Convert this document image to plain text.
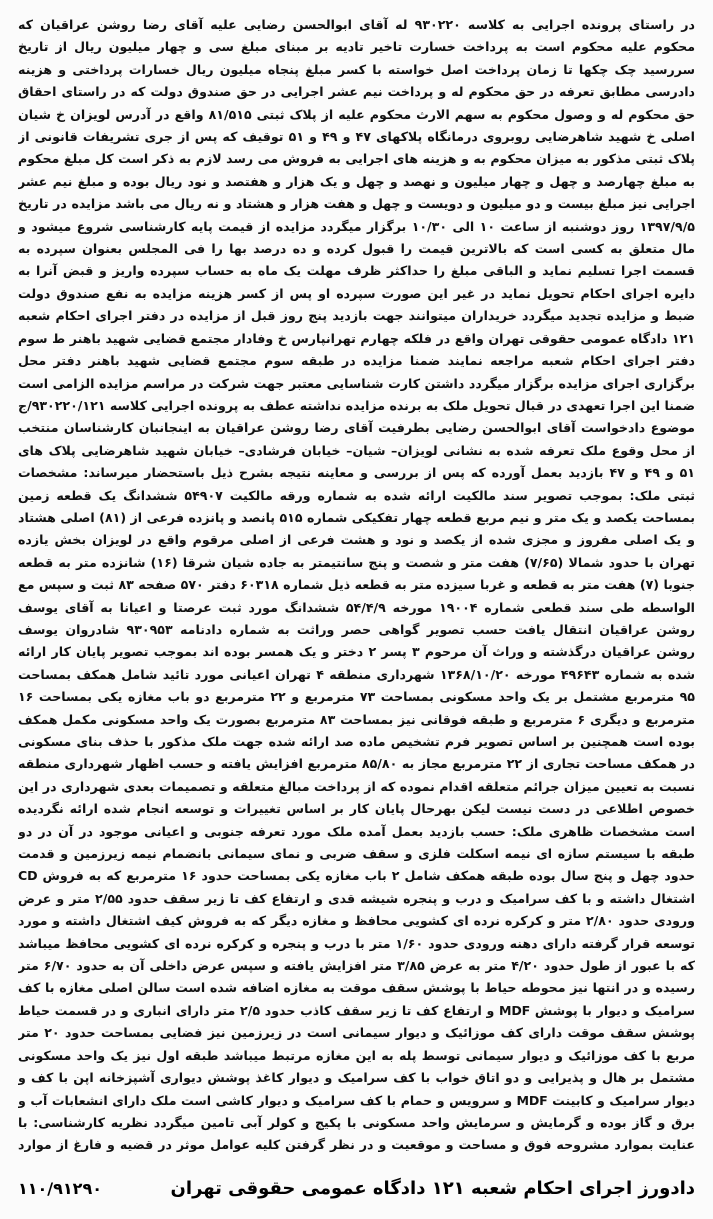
در راستای پرونده اجرایی به کلاسه ۹۳۰۲۲۰ له آقای ابوالحسن رضایی علیه آقای رضا روشن عراقیان که محکوم علیه محکوم است به پرداخت خسارت تاخیر تادیه بر مبنای مبلغ سی و چهار میلیون ریال از تاریخ سررسید چک چکها تا زمان پرداخت اصل خواسته با کسر مبلغ پنجاه میلیون ریال خسارات پرداختی و هزینه دادرسی مطابق تعرفه در حق محکوم له و پرداخت نیم عشر اجرایی در حق صندوق دولت که در راستای احقاق حق محکوم له و وصول محکوم به سهم الارث محکوم علیه از پلاک ثبتی ۸۱/۵۱۵ واقع در آدرس لویزان خ شیان اصلی خ شهید شاهرضایی روبروی درمانگاه پلاکهای ۴۷ و ۴۹ و ۵۱ توقیف که پس از جری تشریفات قانونی از پلاک ثبتی مذکور به میزان محکوم به و هزینه های اجرایی به فروش می رسد لازم به ذکر است کل مبلغ محکوم به مبلغ چهارصد و چهل و چهار میلیون و نهصد و چهل و یک هزار و هفتصد و نود ریال بوده و مبلغ نیم عشر اجرایی نیز مبلغ بیست و دو میلیون و دویست و چهل و هفت هزار و هشتاد و نه ریال می باشد مزایده در تاریخ ۱۳۹۷/۹/۵ روز دوشنبه از ساعت ۱۰ الی ۱۰/۳۰ برگزار میگردد مزایده از قیمت پایه کارشناسی شروع میشود و مال متعلق به کسی است که بالاترین قیمت را قبول کرده و ده درصد بها را فی المجلس بعنوان سپرده به قسمت اجرا تسلیم نماید و الباقی مبلغ را حداکثر ظرف مهلت یک ماه به حساب سپرده واریز و قبض آنرا به دایره اجرای احکام تحویل نماید در غیر این صورت سپرده او پس از کسر هزینه مزایده به نفع صندوق دولت ضبط و مزایده تجدید میگردد خریداران میتوانند جهت بازدید پنج روز قبل از مزایده در دفتر اجرای احکام شعبه ۱۲۱ دادگاه عمومی حقوقی تهران واقع در فلکه چهارم تهرانپارس خ وفادار مجتمع قضایی شهید باهنر ط سوم دفتر اجرای احکام شعبه مراجعه نمایند ضمنا مزایده در طبقه سوم مجتمع قضایی شهید باهنر دفتر محل برگزاری اجرای مزایده برگزار میگردد داشتن کارت شناسایی معتبر جهت شرکت در مراسم مزایده الزامی است ضمنا این اجرا تعهدی در قبال تحویل ملک به برنده مزایده نداشته عطف به پرونده اجرایی کلاسه ۹۳۰۲۲۰/۱۲۱/ج موضوع دادخواست آقای ابوالحسن رضایی بطرفیت آقای رضا روشن عراقیان به اینجانبان کارشناسان منتخب از محل وقوع ملک تعرفه شده به نشانی لویزان– شیان– خیابان فرشادی– خیابان شهید شاهرضایی پلاک های ۵۱ و ۴۹ و ۴۷ بازدید بعمل آورده که پس از بررسی و معاینه نتیجه بشرح ذیل باستحضار میرساند: مشخصات ثبتی ملک: بموجب تصویر سند مالکیت ارائه شده به شماره ورقه مالکیت ۵۴۹۰۷ ششدانگ یک قطعه زمین بمساحت یکصد و یک متر و نیم مربع قطعه چهار تفکیکی شماره ۵۱۵ پانصد و پانزده فرعی از (۸۱) اصلی هشتاد و یک اصلی مفروز و مجزی شده از یکصد و نود و هشت فرعی از اصلی مرقوم واقع در لویزان بخش یازده تهران با حدود شمالا (۷/۶۵) هفت متر و شصت و پنج سانتیمتر به جاده شیان شرقا (۱۶) شانزده متر به قطعه جنوبا (۷) هفت متر به قطعه و غربا سیزده متر به قطعه ذیل شماره ۶۰۳۱۸ دفتر ۵۷۰ صفحه ۸۳ ثبت و سپس مع الواسطه طی سند قطعی شماره ۱۹۰۰۴ مورخه ۵۴/۴/۹ ششدانگ مورد ثبت عرصتا و اعیانا به آقای یوسف روشن عراقیان انتقال یافت حسب تصویر گواهی حصر وراثت به شماره دادنامه ۹۳۰۹۵۳ شادروان یوسف روشن عراقیان درگذشته و وراث آن مرحوم ۳ پسر ۲ دختر و یک همسر بوده اند بموجب تصویر پایان کار ارائه شده به شماره ۴۹۶۴۳ مورخه ۱۳۶۸/۱۰/۲۰ شهرداری منطقه ۴ تهران اعیانی مورد تائید شامل همکف بمساحت ۹۵ مترمربع مشتمل بر یک واحد مسکونی بمساحت ۷۳ مترمربع و ۲۲ مترمربع دو باب مغازه یکی بمساحت ۱۶ مترمربع و دیگری ۶ مترمربع و طبقه فوقانی نیز بمساحت ۸۳ مترمربع بصورت یک واحد مسکونی مکمل همکف بوده است همچنین بر اساس تصویر فرم تشخیص ماده صد ارائه شده جهت ملک مذکور با حذف بنای مسکونی در همکف مساحت تجاری از ۲۲ مترمربع مجاز به ۸۵/۸۰ مترمربع افزایش یافته و حسب اظهار شهرداری منطقه نسبت به تعیین میزان جرائم متعلقه اقدام نموده که از پرداخت مبالغ متعلقه و تصمیمات بعدی شهرداری در این خصوص اطلاعی در دست نیست لیکن بهرحال پایان کار بر اساس تغییرات و توسعه انجام شده ارائه نگردیده است مشخصات ظاهری ملک: حسب بازدید بعمل آمده ملک مورد تعرفه جنوبی و اعیانی موجود در آن در دو طبقه با سیستم سازه ای نیمه اسکلت فلزی و سقف ضربی و نمای سیمانی بانضمام نیمه زیرزمین و قدمت حدود چهل و پنج سال بوده طبقه همکف شامل ۲ باب مغازه یکی بمساحت حدود ۱۶ مترمربع که به فروش CD اشتغال داشته و با کف سرامیک و درب و پنجره شیشه قدی و ارتفاع کف تا زیر سقف حدود ۲/۵۵ متر و عرض ورودی حدود ۲/۸۰ متر و کرکره نرده ای کشویی محافظ و مغازه دیگر که به فروش کیف اشتغال داشته و مورد توسعه قرار گرفته دارای دهنه ورودی حدود ۱/۶۰ متر با درب و پنجره و کرکره نرده ای کشویی محافظ میباشد که با عبور از طول حدود ۴/۲۰ متر به عرض ۳/۸۵ متر افزایش یافته و سپس عرض داخلی آن به حدود ۶/۷۰ متر رسیده و در انتها نیز محوطه حیاط با پوشش سقف موقت به مغازه اضافه شده است سالن اصلی مغازه با کف سرامیک و دیوار با پوشش MDF و ارتفاع کف تا زیر سقف کاذب حدود ۲/۵ متر دارای انباری و در قسمت حیاط پوشش سقف موقت دارای کف موزائیک و دیوار سیمانی است در زیرزمین نیز فضایی بمساحت حدود ۲۰ متر مربع با کف موزائیک و دیوار سیمانی توسط پله به این مغازه مرتبط میباشد طبقه اول نیز یک واحد مسکونی مشتمل بر هال و پذیرایی و دو اتاق خواب با کف سرامیک و دیوار کاغذ پوشش دیواری آشپزخانه اپن با کف و دیوار سرامیک و کابینت MDF و سرویس و حمام با کف سرامیک و دیوار کاشی است ملک دارای انشعابات آب و برق و گاز بوده و گرمایش و سرمایش واحد مسکونی با پکیج و کولر آبی تامین میگردد نظریه کارشناسی: با عنایت بموارد مشروحه فوق و مساحت و موقعیت و در نظر گرفتن کلیه عوامل موثر در قضیه و فارغ از موارد

دادورز اجرای احکام شعبه ۱۲۱ دادگاه عمومی حقوقی تهران
۱۱۰/۹۱۲۹۰
